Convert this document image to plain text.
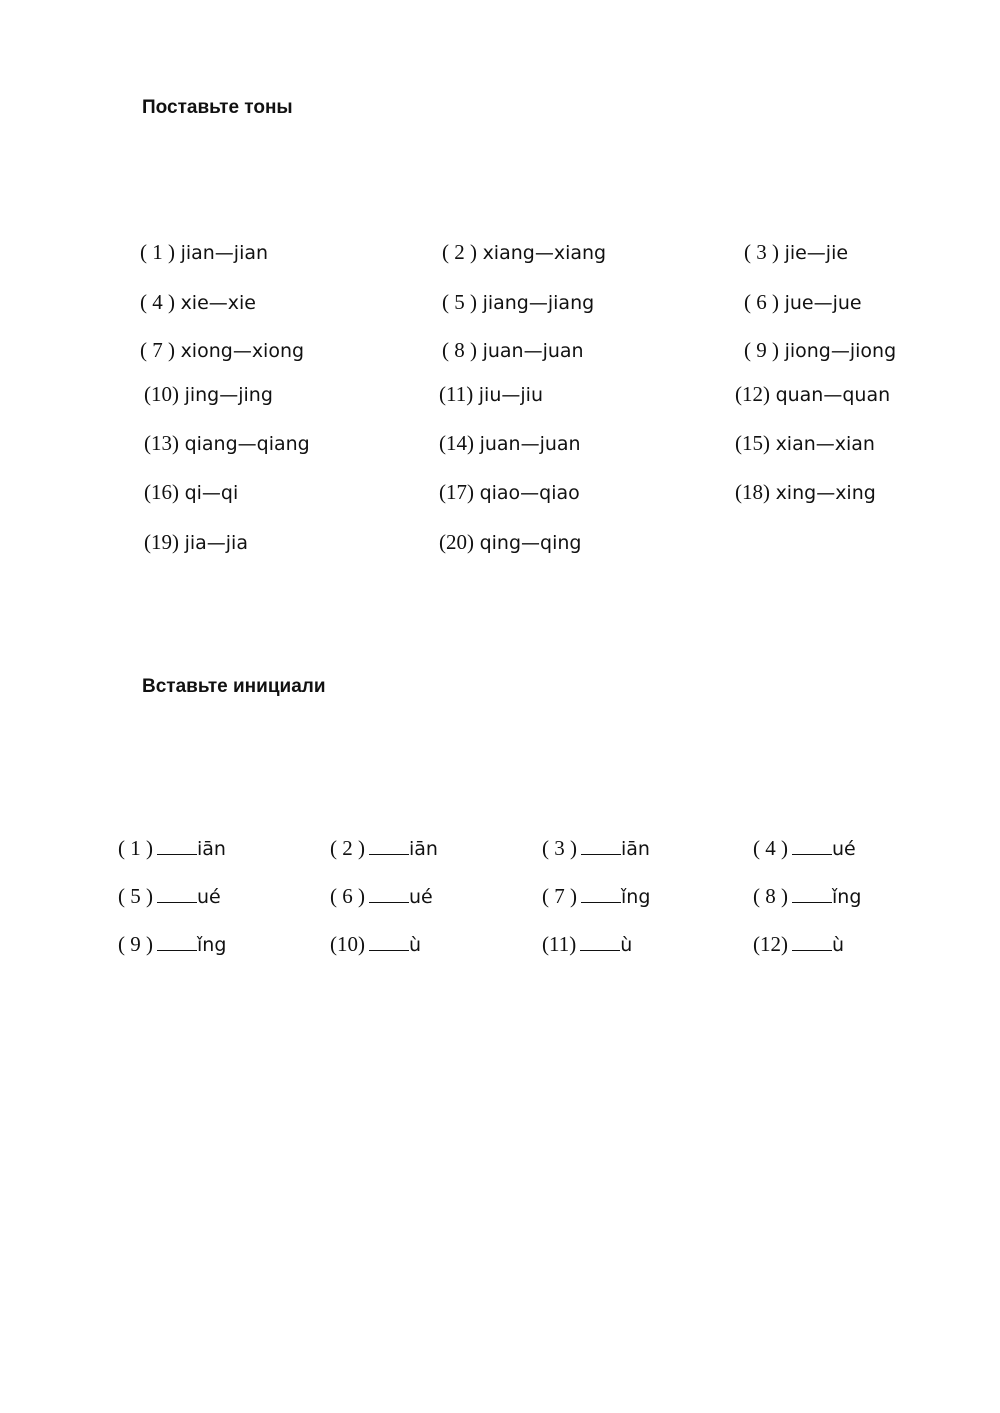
Поставьте тоны
( 1 ) jian—jian	( 2 ) xiang—xiang	( 3 ) jie—jie
( 4 ) xie—xie	( 5 ) jiang—jiang	( 6 ) jue—jue
( 7 ) xiong—xiong	( 8 ) juan—juan	( 9 ) jiong—jiong
(10) jing—jing	(11) jiu—jiu	(12) quan—quan
(13) qiang—qiang	(14) juan—juan	(15) xian—xian
(16) qi—qi	(17) qiao—qiao	(18) xing—xing
(19) jia—jia	(20) qing—qing
Вставьте инициали
( 1 ) iān	( 2 ) iān	( 3 ) iān	( 4 ) ué
( 5 ) ué	( 6 ) ué	( 7 ) ǐng	( 8 ) ǐng
( 9 ) ǐng	(10) ù	(11) ù	(12) ù
